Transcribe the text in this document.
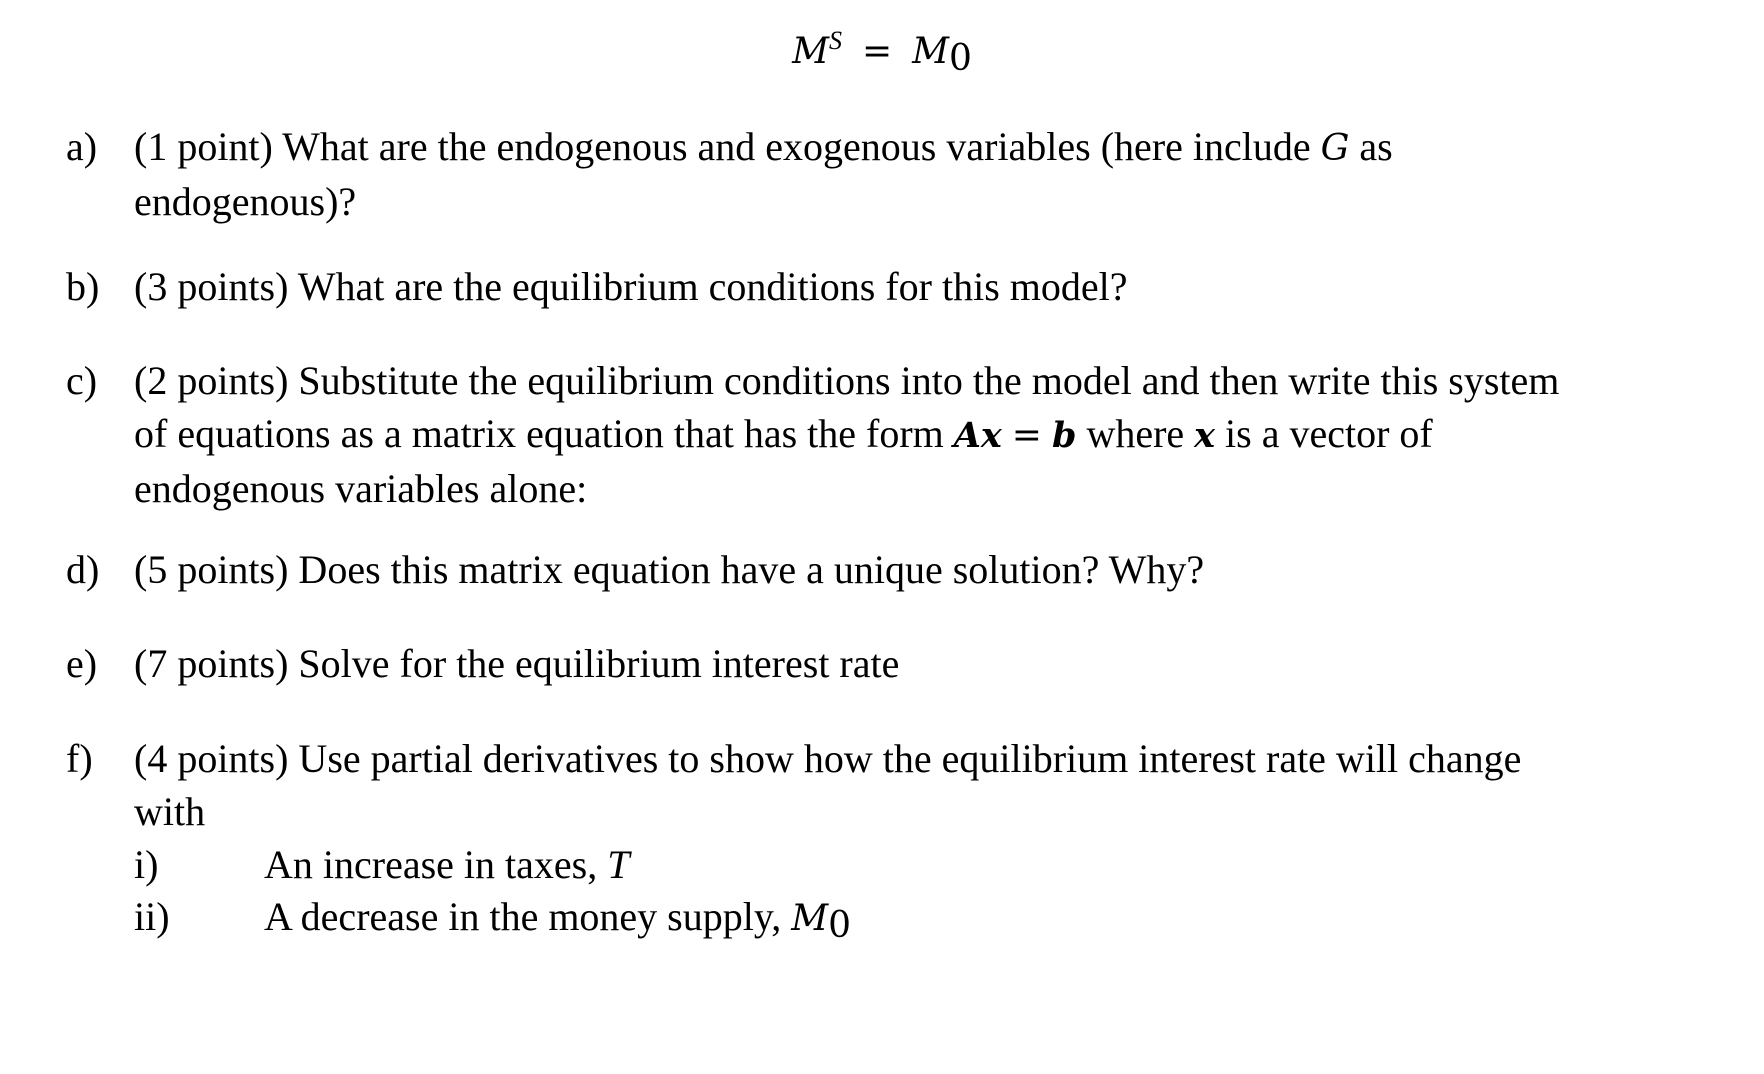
$M^S = M_0$
a) (1 point) What are the endogenous and exogenous variables (here include G as
endogenous)?
b) (3 points) What are the equilibrium conditions for this model?
c) (2 points) Substitute the equilibrium conditions into the model and then write this system
of equations as a matrix equation that has the form Ax = b where x is a vector of
endogenous variables alone:
d) (5 points) Does this matrix equation have a unique solution? Why?
e) (7 points) Solve for the equilibrium interest rate
f) (4 points) Use partial derivatives to show how the equilibrium interest rate will change
with
i)	An increase in taxes, T
ii) A decrease in the money supply, $M_0$
